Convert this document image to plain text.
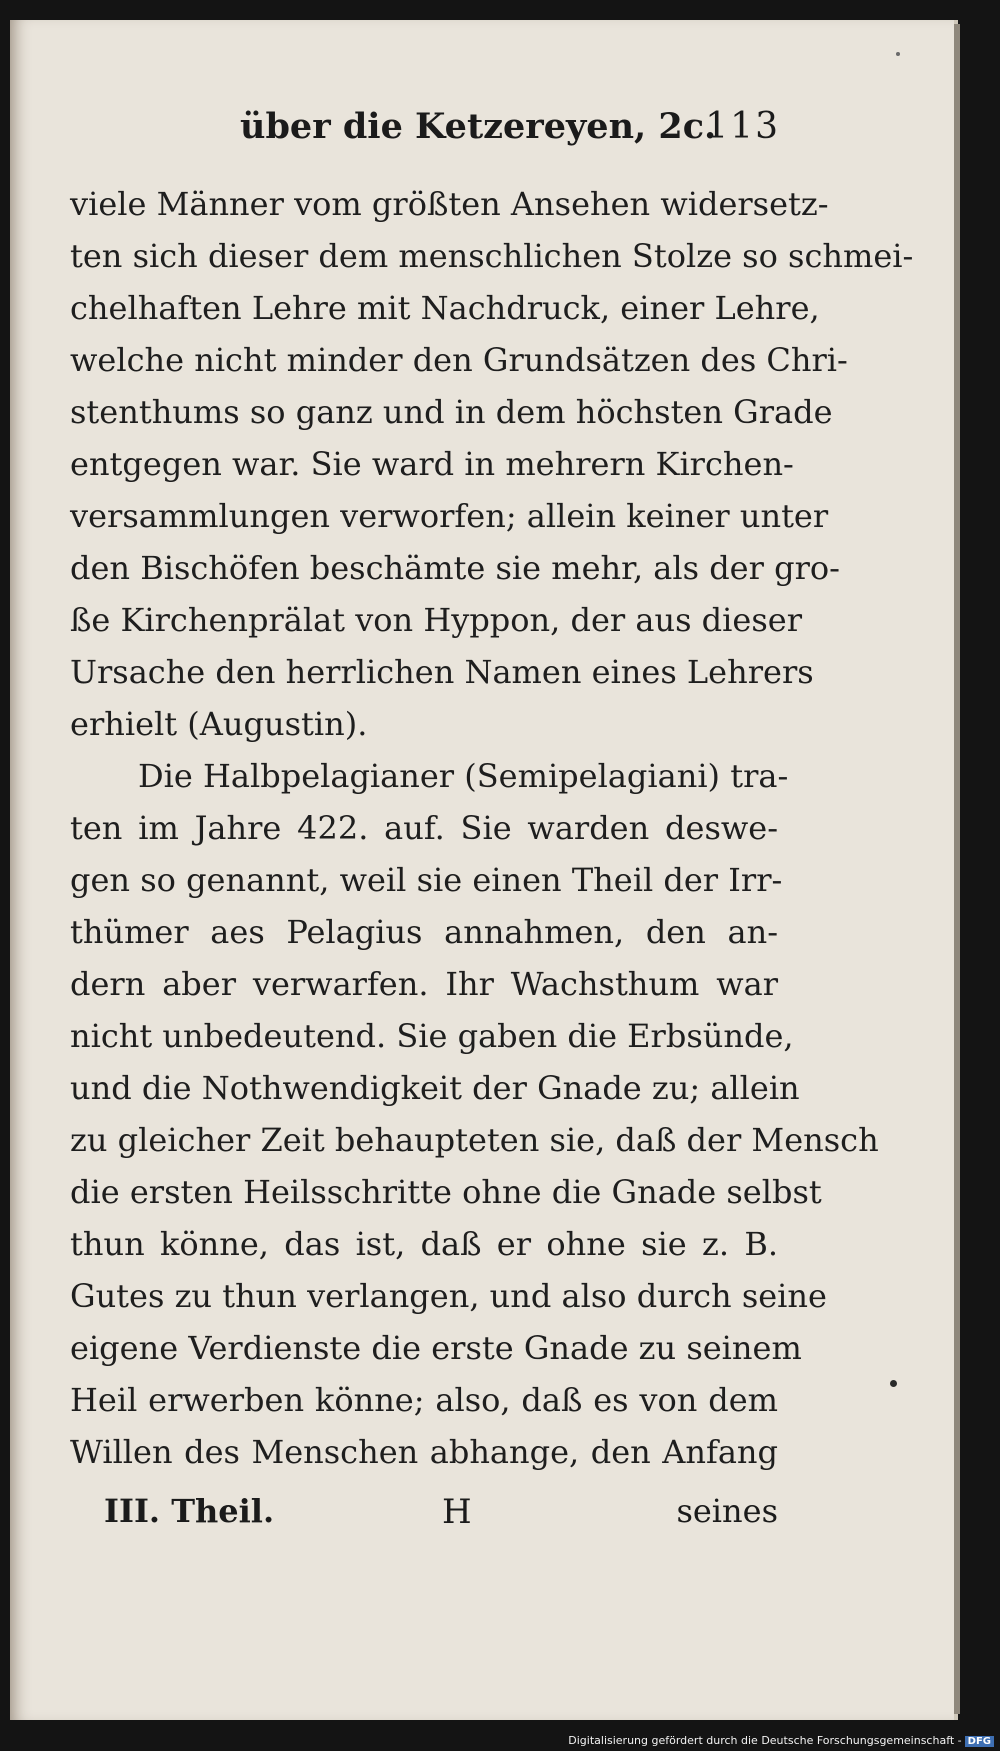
über die Ketzereyen, 2c.
113
viele Männer vom größten Ansehen widersetz-
ten sich dieser dem menschlichen Stolze so schmei-
chelhaften Lehre mit Nachdruck, einer Lehre,
welche nicht minder den Grundsätzen des Chri-
stenthums so ganz und in dem höchsten Grade
entgegen war. Sie ward in mehrern Kirchen-
versammlungen verworfen; allein keiner unter
den Bischöfen beschämte sie mehr, als der gro-
ße Kirchenprälat von Hyppon, der aus dieser
Ursache den herrlichen Namen eines Lehrers
erhielt (Augustin).
Die Halbpelagianer (Semipelagiani) tra-
ten im Jahre 422. auf. Sie warden deswe-
gen so genannt, weil sie einen Theil der Irr-
thümer aes Pelagius annahmen, den an-
dern aber verwarfen. Ihr Wachsthum war
nicht unbedeutend. Sie gaben die Erbsünde,
und die Nothwendigkeit der Gnade zu; allein
zu gleicher Zeit behaupteten sie, daß der Mensch
die ersten Heilsschritte ohne die Gnade selbst
thun könne, das ist, daß er ohne sie z. B.
Gutes zu thun verlangen, und also durch seine
eigene Verdienste die erste Gnade zu seinem
Heil erwerben könne; also, daß es von dem
Willen des Menschen abhange, den Anfang
III. Theil.	H	seines
Digitalisierung gefördert durch die Deutsche Forschungsgemeinschaft - DFG
